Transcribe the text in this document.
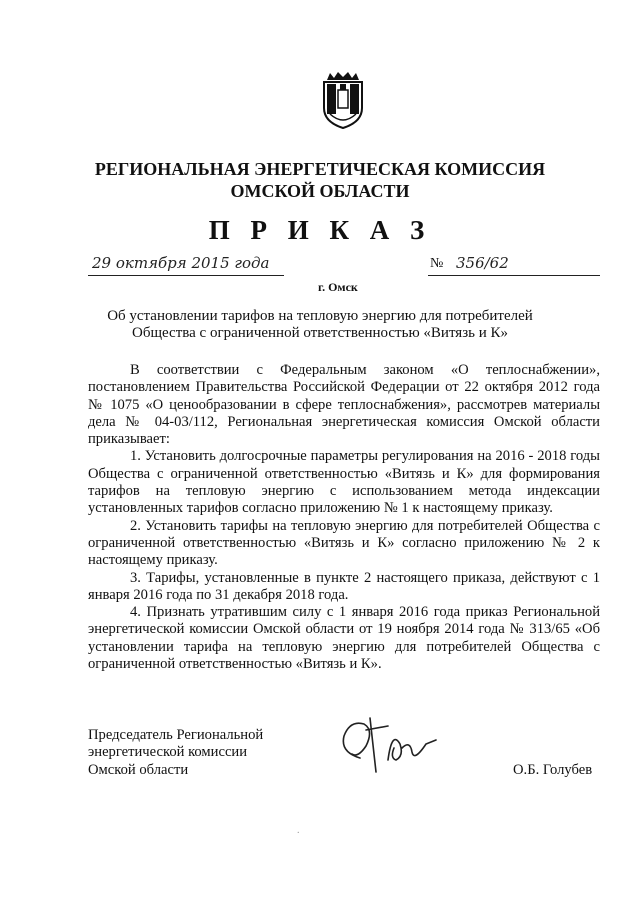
РЕГИОНАЛЬНАЯ ЭНЕРГЕТИЧЕСКАЯ КОМИССИЯ
ОМСКОЙ ОБЛАСТИ
П Р И К А З
29 октября 2015 года	№ 356/62
г. Омск
Об установлении тарифов на тепловую энергию для потребителей
Общества с ограниченной ответственностью «Витязь и К»

В соответствии с Федеральным законом «О теплоснабжении», постановлением Правительства Российской Федерации от 22 октября 2012 года № 1075 «О ценообразовании в сфере теплоснабжения», рассмотрев материалы дела № 04-03/112, Региональная энергетическая комиссия Омской области приказывает:

1. Установить долгосрочные параметры регулирования на 2016 - 2018 годы Общества с ограниченной ответственностью «Витязь и К» для формирования тарифов на тепловую энергию с использованием метода индексации установленных тарифов согласно приложению № 1 к настоящему приказу.

2. Установить тарифы на тепловую энергию для потребителей Общества с ограниченной ответственностью «Витязь и К» согласно приложению № 2 к настоящему приказу.

3. Тарифы, установленные в пункте 2 настоящего приказа, действуют с 1 января 2016 года по 31 декабря 2018 года.

4. Признать утратившим силу с 1 января 2016 года приказ Региональной энергетической комиссии Омской области от 19 ноября 2014 года № 313/65 «Об установлении тарифа на тепловую энергию для потребителей Общества с ограниченной ответственностью «Витязь и К».

Председатель Региональной
энергетической комиссии
Омской области	О.Б. Голубев
.
